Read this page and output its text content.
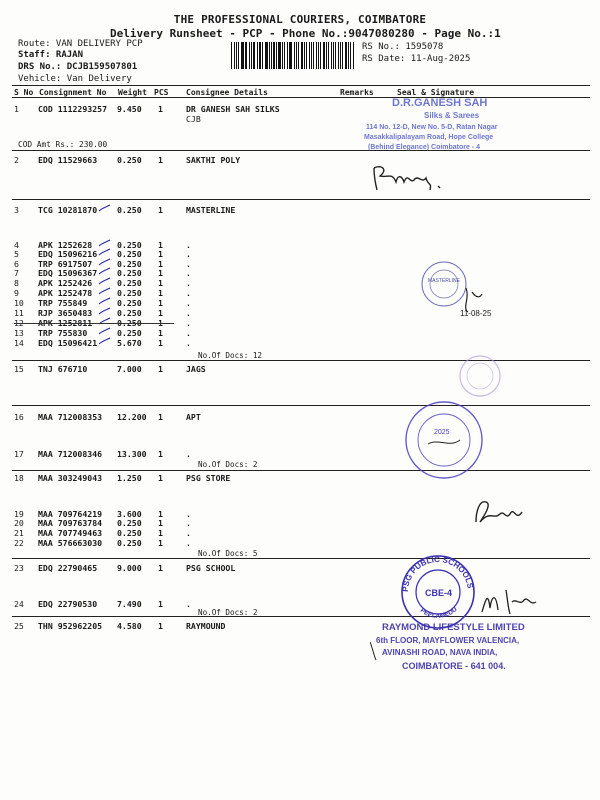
THE PROFESSIONAL COURIERS, COIMBATORE
Delivery Runsheet - PCP - Phone No.:9047080280 - Page No.:1
Route: VAN DELIVERY PCP
Staff: RAJAN
DRS No.: DCJB159507801
Vehicle: Van Delivery
RS No.: 1595078
RS Date: 11-Aug-2025
S No Consignment No Weight PCS Consignee Details	Remarks	Seal & Signature
1 COD 1112293257 9.450 1	DR GANESH SAH SILKS
CJB
2 EDQ 11529663 0.250 1	SAKTHI POLY
3 TCG 10281870 0.250 1	MASTERLINE
4 APK 1252628	0.250 1	.
5 EDQ 15096216 0.250 1	.
6 TRP 6917507	0.250 1	.
7 EDQ 15096367 0.250 1	.
8 APK 1252426	0.250 1	.
9 APK 1252478	0.250 1	.
10 TRP 755849	0.250 1	.
11 RJP 3650483	0.250 1	.
12 APK 1252811	0.250 1	.
13 TRP 755830	0.250 1	.
14 EDQ 15096421 5.670 1	.
15 TNJ 676710	7.000 1	JAGS
16 MAA 712008353 12.200 1	APT
17 MAA 712008346 13.300 1	.
18 MAA 303249043 1.250 1	PSG STORE
19 MAA 709764219 3.600 1	.
20 MAA 709763784 0.250 1	.
21 MAA 707749463 0.250 1	.
22 MAA 576663030 0.250 1	.
23 EDQ 22790465 9.000 1	PSG SCHOOL
24 EDQ 22790530 7.490 1	.
25 THN 952962205 4.580 1	RAYMOUND
COD Amt Rs.: 230.00
No.Of Docs: 12
No.Of Docs: 2
No.Of Docs: 5
No.Of Docs: 2
D.R.GANESH SAH
Silks & Sarees
114 No. 12-D, New No. 5-D, Ratan Nagar
Masakkalipalayam Road, Hope College
(Behind Elegance) Coimbatore - 4
MASTERLINE
11-08-25
2025
PSG PUBLIC SCHOOLS
PEELAMEDU
CBE-4
RAYMOND LIFESTYLE LIMITED
6th FLOOR, MAYFLOWER VALENCIA,
AVINASHI ROAD, NAVA INDIA,
COIMBATORE - 641 004.
